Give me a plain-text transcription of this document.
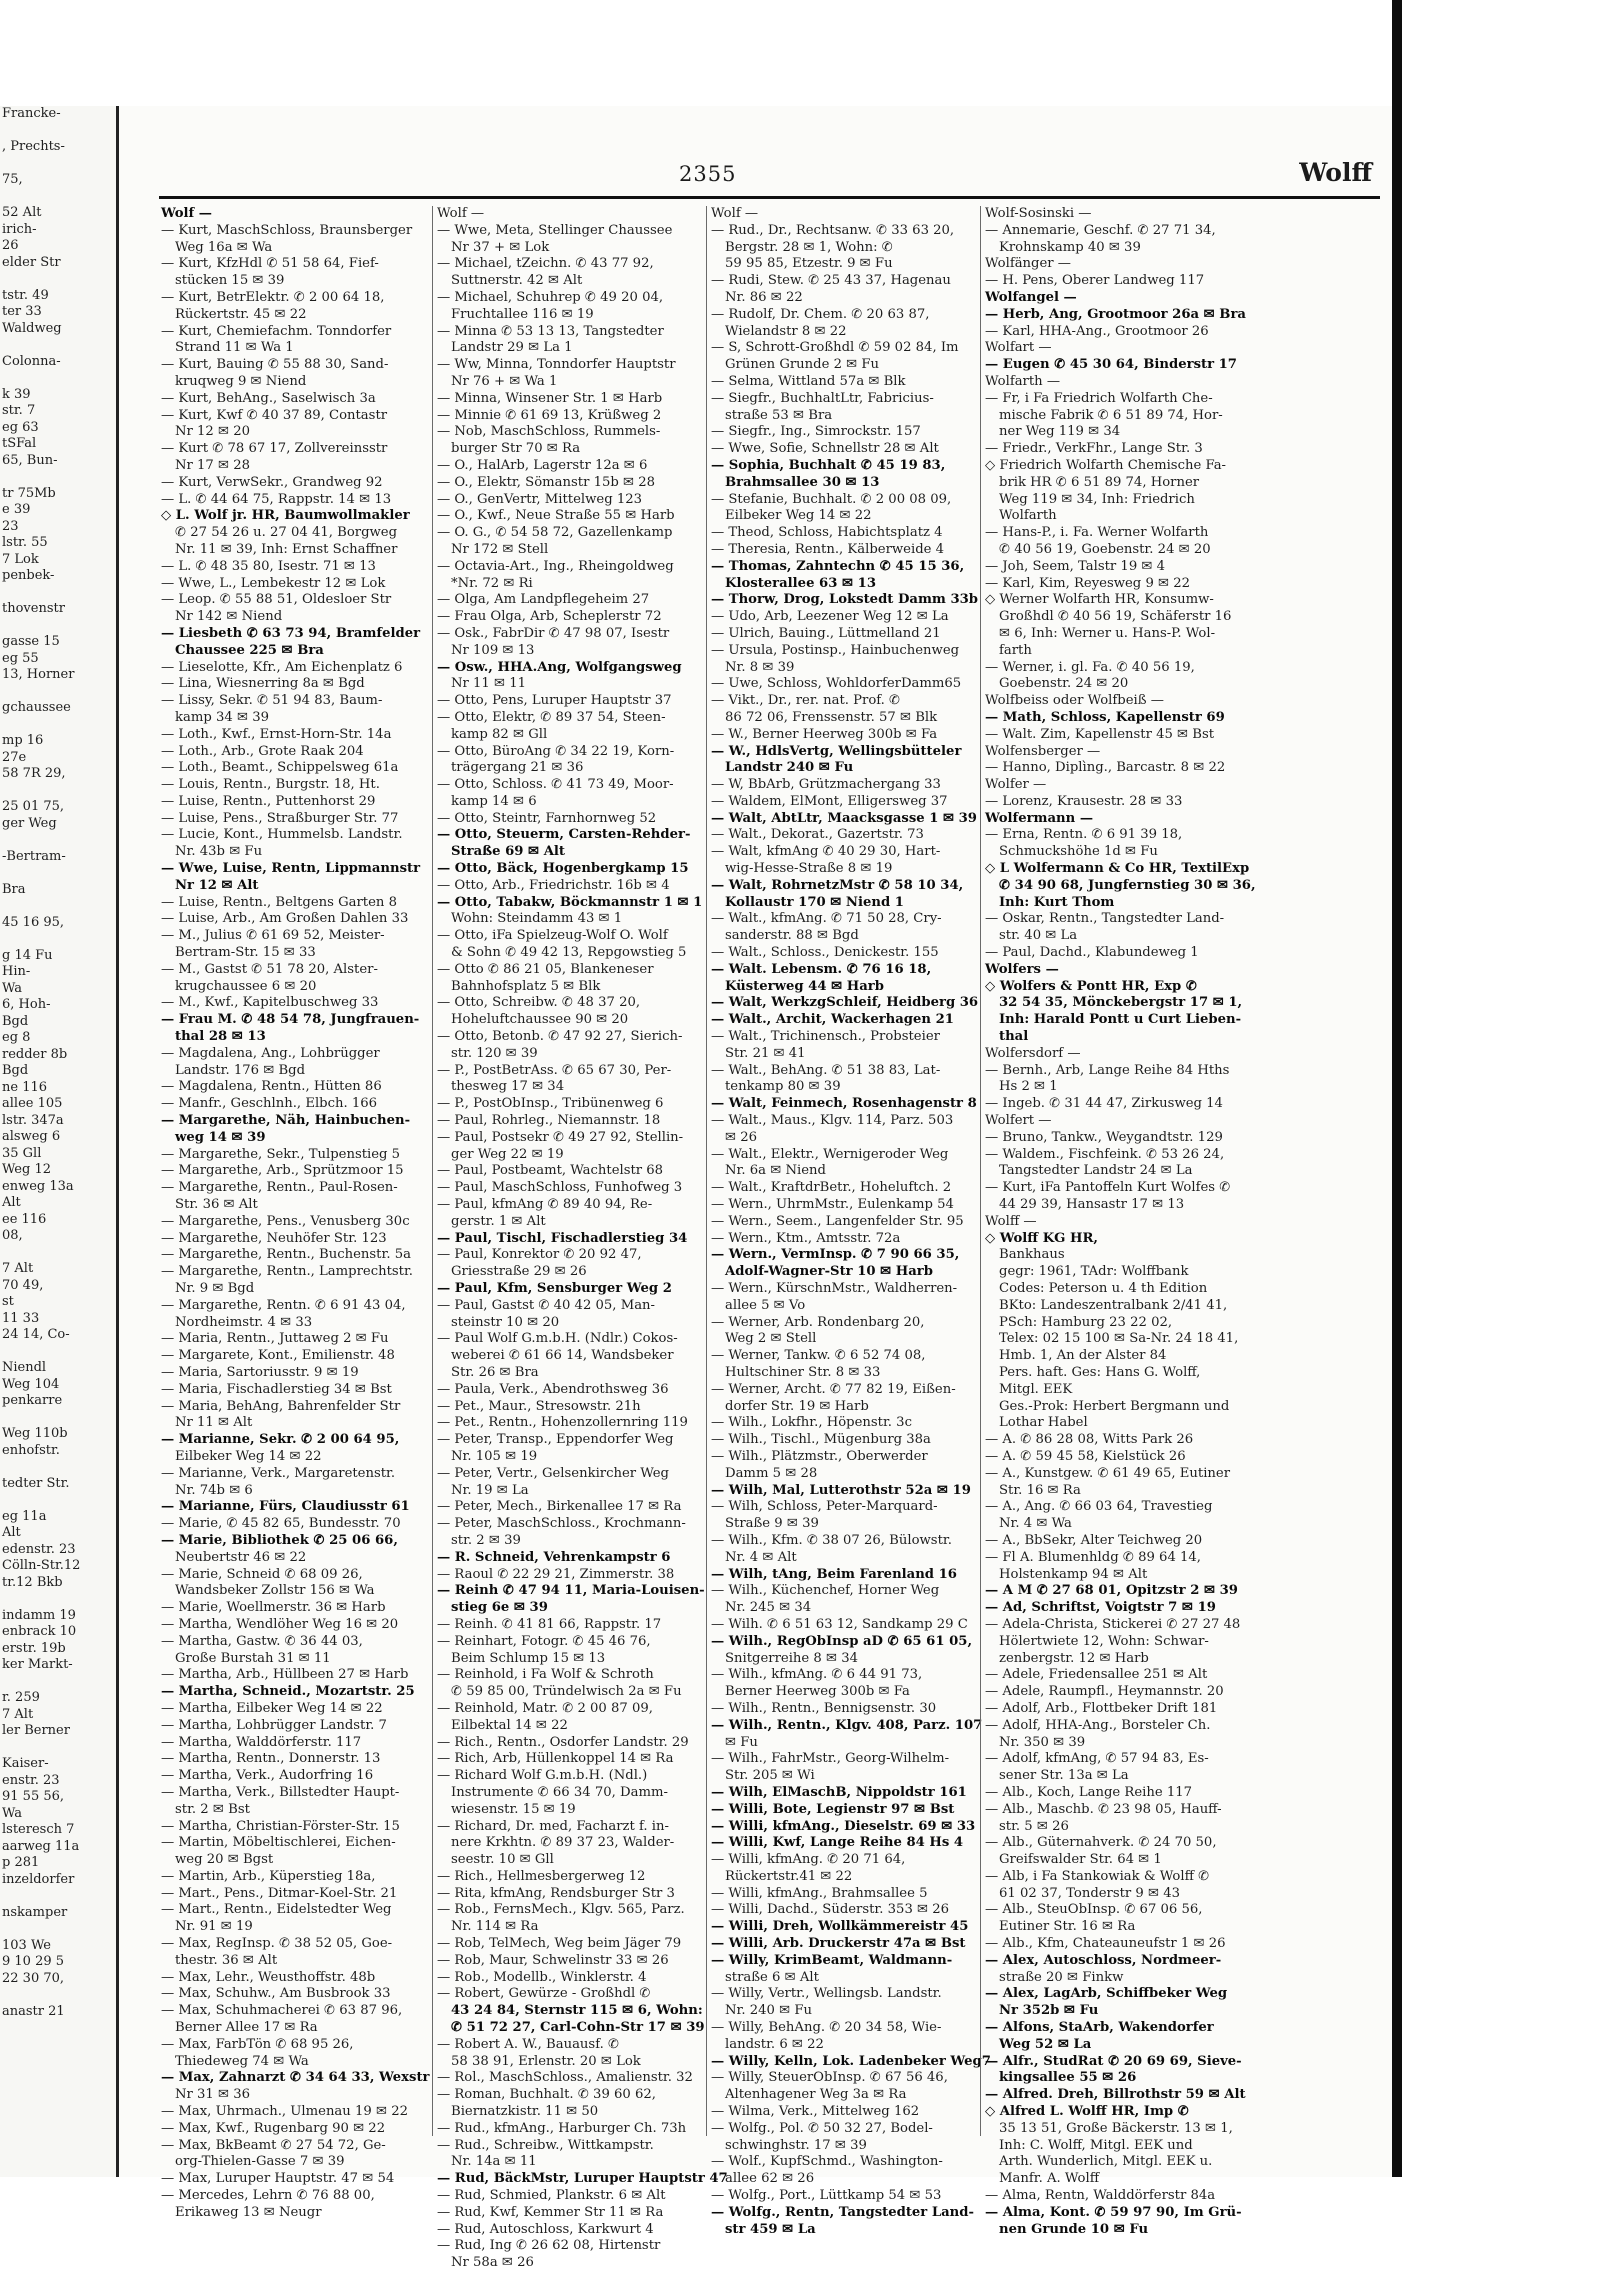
Francke-

, Prechts-

75,

52 Alt
irich-
26
elder Str

tstr. 49
ter 33
Waldweg

Colonna-

k 39
str. 7
eg 63
tSFal
65, Bun-

tr 75Mb
e 39
23
lstr. 55
7 Lok
penbek-

thovenstr

gasse 15
eg 55
13, Horner

gchaussee

mp 16
27e
58 7R 29,

25 01 75,
ger Weg

-Bertram-

Bra

45 16 95,

g 14 Fu
Hin-
Wa
6, Hoh-
Bgd
eg 8
redder 8b
Bgd
ne 116
allee 105
lstr. 347a
alsweg 6
35 Gll
Weg 12
enweg 13a
Alt
ee 116
08,

7 Alt
70 49,
st
11 33
24 14, Co-

Niendl
Weg 104
penkarre

Weg 110b
enhofstr.

tedter Str.

eg 11a
Alt
edenstr. 23
Cölln-Str.12
tr.12 Bkb

indamm 19
enbrack 10
erstr. 19b
ker Markt-

r. 259
7 Alt
ler Berner

Kaiser-
enstr. 23
91 55 56,
Wa
lsteresch 7
aarweg 11a
p 281
inzeldorfer

nskamper

103 We
9 10 29 5
22 30 70,

anastr 21
2355	Wolff
Wolf —
— Kurt, MaschSchloss, Braunsberger
Weg 16a ✉ Wa
— Kurt, KfzHdl ✆ 51 58 64, Fief-
stücken 15 ✉ 39
— Kurt, BetrElektr. ✆ 2 00 64 18,
Rückertstr. 45 ✉ 22
— Kurt, Chemiefachm. Tonndorfer
Strand 11 ✉ Wa 1
— Kurt, Bauing ✆ 55 88 30, Sand-
kruqweg 9 ✉ Niend
— Kurt, BehAng., Saselwisch 3a
— Kurt, Kwf ✆ 40 37 89, Contastr
Nr 12 ✉ 20
— Kurt ✆ 78 67 17, Zollvereinsstr
Nr 17 ✉ 28
— Kurt, VerwSekr., Grandweg 92
— L. ✆ 44 64 75, Rappstr. 14 ✉ 13
◇ L. Wolf jr. HR, Baumwollmakler
✆ 27 54 26 u. 27 04 41, Borgweg
Nr. 11 ✉ 39, Inh: Ernst Schaffner
— L. ✆ 48 35 80, Isestr. 71 ✉ 13
— Wwe, L., Lembekestr 12 ✉ Lok
— Leop. ✆ 55 88 51, Oldesloer Str
Nr 142 ✉ Niend
— Liesbeth ✆ 63 73 94, Bramfelder
Chaussee 225 ✉ Bra
— Lieselotte, Kfr., Am Eichenplatz 6
— Lina, Wiesnerring 8a ✉ Bgd
— Lissy, Sekr. ✆ 51 94 83, Baum-
kamp 34 ✉ 39
— Loth., Kwf., Ernst-Horn-Str. 14a
— Loth., Arb., Grote Raak 204
— Loth., Beamt., Schippelsweg 61a
— Louis, Rentn., Burgstr. 18, Ht.
— Luise, Rentn., Puttenhorst 29
— Luise, Pens., Straßburger Str. 77
— Lucie, Kont., Hummelsb. Landstr.
Nr. 43b ✉ Fu
— Wwe, Luise, Rentn, Lippmannstr
Nr 12 ✉ Alt
— Luise, Rentn., Beltgens Garten 8
— Luise, Arb., Am Großen Dahlen 33
— M., Julius ✆ 61 69 52, Meister-
Bertram-Str. 15 ✉ 33
— M., Gastst ✆ 51 78 20, Alster-
krugchaussee 6 ✉ 20
— M., Kwf., Kapitelbuschweg 33
— Frau M. ✆ 48 54 78, Jungfrauen-
thal 28 ✉ 13
— Magdalena, Ang., Lohbrügger
Landstr. 176 ✉ Bgd
— Magdalena, Rentn., Hütten 86
— Manfr., Geschlnh., Elbch. 166
— Margarethe, Näh, Hainbuchen-
weg 14 ✉ 39
— Margarethe, Sekr., Tulpenstieg 5
— Margarethe, Arb., Sprützmoor 15
— Margarethe, Rentn., Paul-Rosen-
Str. 36 ✉ Alt
— Margarethe, Pens., Venusberg 30c
— Margarethe, Neuhöfer Str. 123
— Margarethe, Rentn., Buchenstr. 5a
— Margarethe, Rentn., Lamprechtstr.
Nr. 9 ✉ Bgd
— Margarethe, Rentn. ✆ 6 91 43 04,
Nordheimstr. 4 ✉ 33
— Maria, Rentn., Juttaweg 2 ✉ Fu
— Margarete, Kont., Emilienstr. 48
— Maria, Sartoriusstr. 9 ✉ 19
— Maria, Fischadlerstieg 34 ✉ Bst
— Maria, BehAng, Bahrenfelder Str
Nr 11 ✉ Alt
— Marianne, Sekr. ✆ 2 00 64 95,
Eilbeker Weg 14 ✉ 22
— Marianne, Verk., Margaretenstr.
Nr. 74b ✉ 6
— Marianne, Fürs, Claudiusstr 61
— Marie, ✆ 45 82 65, Bundesstr. 70
— Marie, Bibliothek ✆ 25 06 66,
Neubertstr 46 ✉ 22
— Marie, Schneid ✆ 68 09 26,
Wandsbeker Zollstr 156 ✉ Wa
— Marie, Woellmerstr. 36 ✉ Harb
— Martha, Wendlöher Weg 16 ✉ 20
— Martha, Gastw. ✆ 36 44 03,
Große Burstah 31 ✉ 11
— Martha, Arb., Hüllbeen 27 ✉ Harb
— Martha, Schneid., Mozartstr. 25
— Martha, Eilbeker Weg 14 ✉ 22
— Martha, Lohbrügger Landstr. 7
— Martha, Walddörferstr. 117
— Martha, Rentn., Donnerstr. 13
— Martha, Verk., Audorfring 16
— Martha, Verk., Billstedter Haupt-
str. 2 ✉ Bst
— Martha, Christian-Förster-Str. 15
— Martin, Möbeltischlerei, Eichen-
weg 20 ✉ Bgst
— Martin, Arb., Küperstieg 18a,
— Mart., Pens., Ditmar-Koel-Str. 21
— Mart., Rentn., Eidelstedter Weg
Nr. 91 ✉ 19
— Max, RegInsp. ✆ 38 52 05, Goe-
thestr. 36 ✉ Alt
— Max, Lehr., Weusthoffstr. 48b
— Max, Schuhw., Am Busbrook 33
— Max, Schuhmacherei ✆ 63 87 96,
Berner Allee 17 ✉ Ra
— Max, FarbTön ✆ 68 95 26,
Thiedeweg 74 ✉ Wa
— Max, Zahnarzt ✆ 34 64 33, Wexstr
Nr 31 ✉ 36
— Max, Uhrmach., Ulmenau 19 ✉ 22
— Max, Kwf., Rugenbarg 90 ✉ 22
— Max, BkBeamt ✆ 27 54 72, Ge-
org-Thielen-Gasse 7 ✉ 39
— Max, Luruper Hauptstr. 47 ✉ 54
— Mercedes, Lehrn ✆ 76 88 00,
Erikaweg 13 ✉ Neugr
Wolf —
— Wwe, Meta, Stellinger Chaussee
Nr 37 + ✉ Lok
— Michael, tZeichn. ✆ 43 77 92,
Suttnerstr. 42 ✉ Alt
— Michael, Schuhrep ✆ 49 20 04,
Fruchtallee 116 ✉ 19
— Minna ✆ 53 13 13, Tangstedter
Landstr 29 ✉ La 1
— Ww, Minna, Tonndorfer Hauptstr
Nr 76 + ✉ Wa 1
— Minna, Winsener Str. 1 ✉ Harb
— Minnie ✆ 61 69 13, Krüßweg 2
— Nob, MaschSchloss, Rummels-
burger Str 70 ✉ Ra
— O., HalArb, Lagerstr 12a ✉ 6
— O., Elektr, Sömanstr 15b ✉ 28
— O., GenVertr, Mittelweg 123
— O., Kwf., Neue Straße 55 ✉ Harb
— O. G., ✆ 54 58 72, Gazellenkamp
Nr 172 ✉ Stell
— Octavia-Art., Ing., Rheingoldweg
*Nr. 72 ✉ Ri
— Olga, Am Landpflegeheim 27
— Frau Olga, Arb, Scheplerstr 72
— Osk., FabrDir ✆ 47 98 07, Isestr
Nr 109 ✉ 13
— Osw., HHA.Ang, Wolfgangsweg
Nr 11 ✉ 11
— Otto, Pens, Luruper Hauptstr 37
— Otto, Elektr, ✆ 89 37 54, Steen-
kamp 82 ✉ Gll
— Otto, BüroAng ✆ 34 22 19, Korn-
trägergang 21 ✉ 36
— Otto, Schloss. ✆ 41 73 49, Moor-
kamp 14 ✉ 6
— Otto, Steintr, Farnhornweg 52
— Otto, Steuerm, Carsten-Rehder-
Straße 69 ✉ Alt
— Otto, Bäck, Hogenbergkamp 15
— Otto, Arb., Friedrichstr. 16b ✉ 4
— Otto, Tabakw, Böckmannstr 1 ✉ 1
Wohn: Steindamm 43 ✉ 1
— Otto, iFa Spielzeug-Wolf O. Wolf
& Sohn ✆ 49 42 13, Repgowstieg 5
— Otto ✆ 86 21 05, Blankeneser
Bahnhofsplatz 5 ✉ Blk
— Otto, Schreibw. ✆ 48 37 20,
Hoheluftchaussee 90 ✉ 20
— Otto, Betonb. ✆ 47 92 27, Sierich-
str. 120 ✉ 39
— P., PostBetrAss. ✆ 65 67 30, Per-
thesweg 17 ✉ 34
— P., PostObInsp., Tribünenweg 6
— Paul, Rohrleg., Niemannstr. 18
— Paul, Postsekr ✆ 49 27 92, Stellin-
ger Weg 22 ✉ 19
— Paul, Postbeamt, Wachtelstr 68
— Paul, MaschSchloss, Funhofweg 3
— Paul, kfmAng ✆ 89 40 94, Re-
gerstr. 1 ✉ Alt
— Paul, Tischl, Fischadlerstieg 34
— Paul, Konrektor ✆ 20 92 47,
Griesstraße 29 ✉ 26
— Paul, Kfm, Sensburger Weg 2
— Paul, Gastst ✆ 40 42 05, Man-
steinstr 10 ✉ 20
— Paul Wolf G.m.b.H. (Ndlr.) Cokos-
weberei ✆ 61 66 14, Wandsbeker
Str. 26 ✉ Bra
— Paula, Verk., Abendrothsweg 36
— Pet., Maur., Stresowstr. 21h
— Pet., Rentn., Hohenzollernring 119
— Peter, Transp., Eppendorfer Weg
Nr. 105 ✉ 19
— Peter, Vertr., Gelsenkircher Weg
Nr. 19 ✉ La
— Peter, Mech., Birkenallee 17 ✉ Ra
— Peter, MaschSchloss., Krochmann-
str. 2 ✉ 39
— R. Schneid, Vehrenkampstr 6
— Raoul ✆ 22 29 21, Zimmerstr. 38
— Reinh ✆ 47 94 11, Maria-Louisen-
stieg 6e ✉ 39
— Reinh. ✆ 41 81 66, Rappstr. 17
— Reinhart, Fotogr. ✆ 45 46 76,
Beim Schlump 15 ✉ 13
— Reinhold, i Fa Wolf & Schroth
✆ 59 85 00, Tründelwisch 2a ✉ Fu
— Reinhold, Matr. ✆ 2 00 87 09,
Eilbektal 14 ✉ 22
— Rich., Rentn., Osdorfer Landstr. 29
— Rich, Arb, Hüllenkoppel 14 ✉ Ra
— Richard Wolf G.m.b.H. (Ndl.)
Instrumente ✆ 66 34 70, Damm-
wiesenstr. 15 ✉ 19
— Richard, Dr. med, Facharzt f. in-
nere Krkhtn. ✆ 89 37 23, Walder-
seestr. 10 ✉ Gll
— Rich., Hellmesbergerweg 12
— Rita, kfmAng, Rendsburger Str 3
— Rob., FernsMech., Klgv. 565, Parz.
Nr. 114 ✉ Ra
— Rob, TelMech, Weg beim Jäger 79
— Rob, Maur, Schwelinstr 33 ✉ 26
— Rob., Modellb., Winklerstr. 4
— Robert, Gewürze - Großhdl ✆
43 24 84, Sternstr 115 ✉ 6, Wohn:
✆ 51 72 27, Carl-Cohn-Str 17 ✉ 39
— Robert A. W., Bauausf. ✆
58 38 91, Erlenstr. 20 ✉ Lok
— Rol., MaschSchloss., Amalienstr. 32
— Roman, Buchhalt. ✆ 39 60 62,
Biernatzkistr. 11 ✉ 50
— Rud., kfmAng., Harburger Ch. 73h
— Rud., Schreibw., Wittkampstr.
Nr. 14a ✉ 11
— Rud, BäckMstr, Luruper Hauptstr 47
— Rud, Schmied, Plankstr. 6 ✉ Alt
— Rud, Kwf, Kemmer Str 11 ✉ Ra
— Rud, Autoschloss, Karkwurt 4
— Rud, Ing ✆ 26 62 08, Hirtenstr
Nr 58a ✉ 26
Wolf —
— Rud., Dr., Rechtsanw. ✆ 33 63 20,
Bergstr. 28 ✉ 1, Wohn: ✆
59 95 85, Etzestr. 9 ✉ Fu
— Rudi, Stew. ✆ 25 43 37, Hagenau
Nr. 86 ✉ 22
— Rudolf, Dr. Chem. ✆ 20 63 87,
Wielandstr 8 ✉ 22
— S, Schrott-Großhdl ✆ 59 02 84, Im
Grünen Grunde 2 ✉ Fu
— Selma, Wittland 57a ✉ Blk
— Siegfr., BuchhaltLtr, Fabricius-
straße 53 ✉ Bra
— Siegfr., Ing., Simrockstr. 157
— Wwe, Sofie, Schnellstr 28 ✉ Alt
— Sophia, Buchhalt ✆ 45 19 83,
Brahmsallee 30 ✉ 13
— Stefanie, Buchhalt. ✆ 2 00 08 09,
Eilbeker Weg 14 ✉ 22
— Theod, Schloss, Habichtsplatz 4
— Theresia, Rentn., Kälberweide 4
— Thomas, Zahntechn ✆ 45 15 36,
Klosterallee 63 ✉ 13
— Thorw, Drog, Lokstedt Damm 33b
— Udo, Arb, Leezener Weg 12 ✉ La
— Ulrich, Bauing., Lüttmelland 21
— Ursula, Postinsp., Hainbuchenweg
Nr. 8 ✉ 39
— Uwe, Schloss, WohldorferDamm65
— Vikt., Dr., rer. nat. Prof. ✆
86 72 06, Frenssenstr. 57 ✉ Blk
— W., Berner Heerweg 300b ✉ Fa
— W., HdlsVertg, Wellingsbütteler
Landstr 240 ✉ Fu
— W, BbArb, Grützmachergang 33
— Waldem, ElMont, Elligersweg 37
— Walt, AbtLtr, Maacksgasse 1 ✉ 39
— Walt., Dekorat., Gazertstr. 73
— Walt, kfmAng ✆ 40 29 30, Hart-
wig-Hesse-Straße 8 ✉ 19
— Walt, RohrnetzMstr ✆ 58 10 34,
Kollaustr 170 ✉ Niend 1
— Walt., kfmAng. ✆ 71 50 28, Cry-
sanderstr. 88 ✉ Bgd
— Walt., Schloss., Denickestr. 155
— Walt. Lebensm. ✆ 76 16 18,
Küsterweg 44 ✉ Harb
— Walt, WerkzgSchleif, Heidberg 36
— Walt., Archit, Wackerhagen 21
— Walt., Trichinensch., Probsteier
Str. 21 ✉ 41
— Walt., BehAng. ✆ 51 38 83, Lat-
tenkamp 80 ✉ 39
— Walt, Feinmech, Rosenhagenstr 8
— Walt., Maus., Klgv. 114, Parz. 503
✉ 26
— Walt., Elektr., Wernigeroder Weg
Nr. 6a ✉ Niend
— Walt., KraftdrBetr., Hoheluftch. 2
— Wern., UhrmMstr., Eulenkamp 54
— Wern., Seem., Langenfelder Str. 95
— Wern., Ktm., Amtsstr. 72a
— Wern., VermInsp. ✆ 7 90 66 35,
Adolf-Wagner-Str 10 ✉ Harb
— Wern., KürschnMstr., Waldherren-
allee 5 ✉ Vo
— Werner, Arb. Rondenbarg 20,
Weg 2 ✉ Stell
— Werner, Tankw. ✆ 6 52 74 08,
Hultschiner Str. 8 ✉ 33
— Werner, Archt. ✆ 77 82 19, Eißen-
dorfer Str. 19 ✉ Harb
— Wilh., Lokfhr., Höpenstr. 3c
— Wilh., Tischl., Mügenburg 38a
— Wilh., Plätzmstr., Oberwerder
Damm 5 ✉ 28
— Wilh, Mal, Lutterothstr 52a ✉ 19
— Wilh, Schloss, Peter-Marquard-
Straße 9 ✉ 39
— Wilh., Kfm. ✆ 38 07 26, Bülowstr.
Nr. 4 ✉ Alt
— Wilh, tAng, Beim Farenland 16
— Wilh., Küchenchef, Horner Weg
Nr. 245 ✉ 34
— Wilh. ✆ 6 51 63 12, Sandkamp 29 C
— Wilh., RegObInsp aD ✆ 65 61 05,
Snitgerreihe 8 ✉ 34
— Wilh., kfmAng. ✆ 6 44 91 73,
Berner Heerweg 300b ✉ Fa
— Wilh., Rentn., Bennigsenstr. 30
— Wilh., Rentn., Klgv. 408, Parz. 107
✉ Fu
— Wilh., FahrMstr., Georg-Wilhelm-
Str. 205 ✉ Wi
— Wilh, ElMaschB, Nippoldstr 161
— Willi, Bote, Legienstr 97 ✉ Bst
— Willi, kfmAng., Dieselstr. 69 ✉ 33
— Willi, Kwf, Lange Reihe 84 Hs 4
— Willi, kfmAng. ✆ 20 71 64,
Rückertstr.41 ✉ 22
— Willi, kfmAng., Brahmsallee 5
— Willi, Dachd., Süderstr. 353 ✉ 26
— Willi, Dreh, Wollkämmereistr 45
— Willi, Arb. Druckerstr 47a ✉ Bst
— Willy, KrimBeamt, Waldmann-
straße 6 ✉ Alt
— Willy, Vertr., Wellingsb. Landstr.
Nr. 240 ✉ Fu
— Willy, BehAng. ✆ 20 34 58, Wie-
landstr. 6 ✉ 22
— Willy, Kelln, Lok. Ladenbeker Weg7
— Willy, SteuerObInsp. ✆ 67 56 46,
Altenhagener Weg 3a ✉ Ra
— Wilma, Verk., Mittelweg 162
— Wolfg., Pol. ✆ 50 32 27, Bodel-
schwinghstr. 17 ✉ 39
— Wolf., KupfSchmd., Washington-
allee 62 ✉ 26
— Wolfg., Port., Lüttkamp 54 ✉ 53
— Wolfg., Rentn, Tangstedter Land-
str 459 ✉ La
Wolf-Sosinski —
— Annemarie, Geschf. ✆ 27 71 34,
Krohnskamp 40 ✉ 39
Wolfänger —
— H. Pens, Oberer Landweg 117
Wolfangel —
— Herb, Ang, Grootmoor 26a ✉ Bra
— Karl, HHA-Ang., Grootmoor 26
Wolfart —
— Eugen ✆ 45 30 64, Binderstr 17
Wolfarth —
— Fr, i Fa Friedrich Wolfarth Che-
mische Fabrik ✆ 6 51 89 74, Hor-
ner Weg 119 ✉ 34
— Friedr., VerkFhr., Lange Str. 3
◇ Friedrich Wolfarth Chemische Fa-
brik HR ✆ 6 51 89 74, Horner
Weg 119 ✉ 34, Inh: Friedrich
Wolfarth
— Hans-P., i. Fa. Werner Wolfarth
✆ 40 56 19, Goebenstr. 24 ✉ 20
— Joh, Seem, Talstr 19 ✉ 4
— Karl, Kim, Reyesweg 9 ✉ 22
◇ Werner Wolfarth HR, Konsumw-
Großhdl ✆ 40 56 19, Schäferstr 16
✉ 6, Inh: Werner u. Hans-P. Wol-
farth
— Werner, i. gl. Fa. ✆ 40 56 19,
Goebenstr. 24 ✉ 20
Wolfbeiss oder Wolfbeiß —
— Math, Schloss, Kapellenstr 69
— Walt. Zim, Kapellenstr 45 ✉ Bst
Wolfensberger —
— Hanno, Diplìng., Barcastr. 8 ✉ 22
Wolfer —
— Lorenz, Krausestr. 28 ✉ 33
Wolfermann —
— Erna, Rentn. ✆ 6 91 39 18,
Schmuckshöhe 1d ✉ Fu
◇ L Wolfermann & Co HR, TextilExp
✆ 34 90 68, Jungfernstieg 30 ✉ 36,
Inh: Kurt Thom
— Oskar, Rentn., Tangstedter Land-
str. 40 ✉ La
— Paul, Dachd., Klabundeweg 1
Wolfers —
◇ Wolfers & Pontt HR, Exp ✆
32 54 35, Mönckebergstr 17 ✉ 1,
Inh: Harald Pontt u Curt Lieben-
thal
Wolfersdorf —
— Bernh., Arb, Lange Reihe 84 Hths
Hs 2 ✉ 1
— Ingeb. ✆ 31 44 47, Zirkusweg 14
Wolfert —
— Bruno, Tankw., Weygandtstr. 129
— Waldem., Fischfeink. ✆ 53 26 24,
Tangstedter Landstr 24 ✉ La
— Kurt, iFa Pantoffeln Kurt Wolfes ✆
44 29 39, Hansastr 17 ✉ 13
Wolff —
◇ Wolff KG HR,
Bankhaus
gegr: 1961, TAdr: Wolffbank
Codes: Peterson u. 4 th Edition
BKto: Landeszentralbank 2/41 41,
PSch: Hamburg 23 22 02,
Telex: 02 15 100 ✉ Sa-Nr. 24 18 41,
Hmb. 1, An der Alster 84
Pers. haft. Ges: Hans G. Wolff,
Mitgl. EEK
Ges.-Prok: Herbert Bergmann und
Lothar Habel
— A. ✆ 86 28 08, Witts Park 26
— A. ✆ 59 45 58, Kielstück 26
— A., Kunstgew. ✆ 61 49 65, Eutiner
Str. 16 ✉ Ra
— A., Ang. ✆ 66 03 64, Travestieg
Nr. 4 ✉ Wa
— A., BbSekr, Alter Teichweg 20
— Fl A. Blumenhldg ✆ 89 64 14,
Holstenkamp 94 ✉ Alt
— A M ✆ 27 68 01, Opitzstr 2 ✉ 39
— Ad, Schriftst, Voigtstr 7 ✉ 19
— Adela-Christa, Stickerei ✆ 27 27 48
Hölertwiete 12, Wohn: Schwar-
zenbergstr. 12 ✉ Harb
— Adele, Friedensallee 251 ✉ Alt
— Adele, Raumpfl., Heymannstr. 20
— Adolf, Arb., Flottbeker Drift 181
— Adolf, HHA-Ang., Borsteler Ch.
Nr. 350 ✉ 39
— Adolf, kfmAng, ✆ 57 94 83, Es-
sener Str. 13a ✉ La
— Alb., Koch, Lange Reihe 117
— Alb., Maschb. ✆ 23 98 05, Hauff-
str. 5 ✉ 26
— Alb., Güternahverk. ✆ 24 70 50,
Greifswalder Str. 64 ✉ 1
— Alb, i Fa Stankowiak & Wolff ✆
61 02 37, Tonderstr 9 ✉ 43
— Alb., SteuObInsp. ✆ 67 06 56,
Eutiner Str. 16 ✉ Ra
— Alb., Kfm, Chateauneufstr 1 ✉ 26
— Alex, Autoschloss, Nordmeer-
straße 20 ✉ Finkw
— Alex, LagArb, Schiffbeker Weg
Nr 352b ✉ Fu
— Alfons, StaArb, Wakendorfer
Weg 52 ✉ La
— Alfr., StudRat ✆ 20 69 69, Sieve-
kingsallee 55 ✉ 26
— Alfred. Dreh, Billrothstr 59 ✉ Alt
◇ Alfred L. Wolff HR, Imp ✆
35 13 51, Große Bäckerstr. 13 ✉ 1,
Inh: C. Wolff, Mitgl. EEK und
Arth. Wunderlich, Mitgl. EEK u.
Manfr. A. Wolff
— Alma, Rentn, Walddörferstr 84a
— Alma, Kont. ✆ 59 97 90, Im Grü-
nen Grunde 10 ✉ Fu
